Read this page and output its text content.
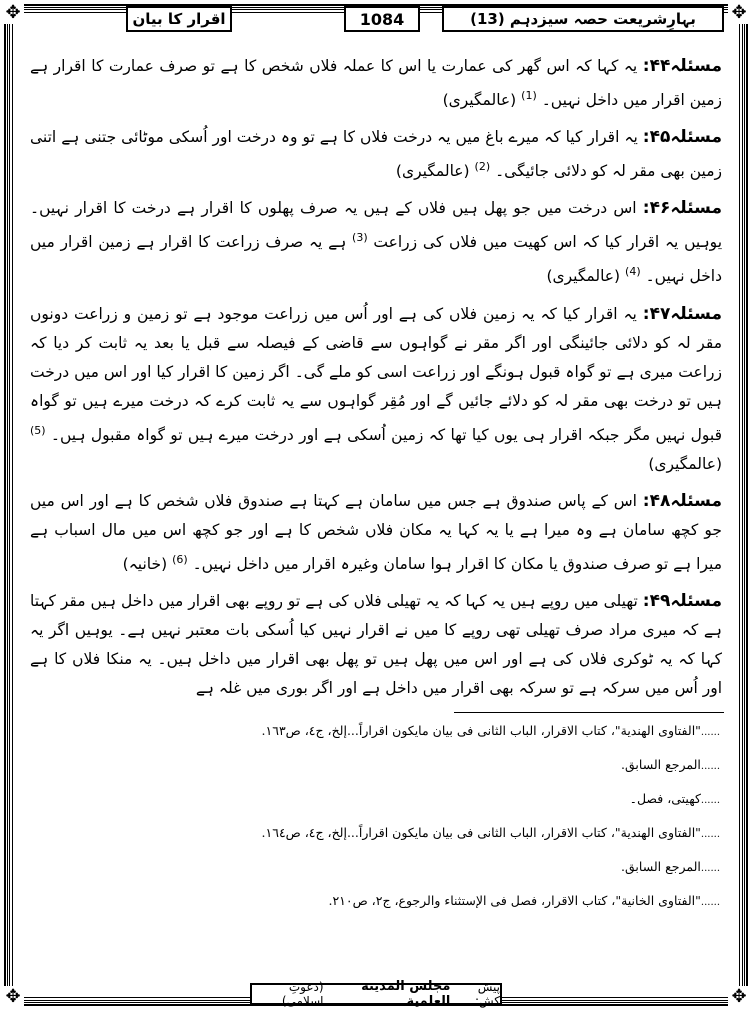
✥	✥
✥	✥
بہارِشریعت حصہ سیزدہم (13)
1084
اقرار کا بیان

مسئلہ۴۴: یہ کہا کہ اس گھر کی عمارت یا اس کا عملہ فلاں شخص کا ہے تو صرف عمارت کا اقرار ہے زمین اقرار میں داخل نہیں۔ $^{(1)}$ (عالمگیری)

مسئلہ۴۵: یہ اقرار کیا کہ میرے باغ میں یہ درخت فلاں کا ہے تو وہ درخت اور اُسکی موٹائی جتنی ہے اتنی زمین بھی مقر لہ کو دلائی جائیگی۔ $^{(2)}$ (عالمگیری)

مسئلہ۴۶: اس درخت میں جو پھل ہیں فلاں کے ہیں یہ صرف پھلوں کا اقرار ہے درخت کا اقرار نہیں۔ یوہیں یہ اقرار کیا کہ اس کھیت میں فلاں کی زراعت $^{(3)}$ ہے یہ صرف زراعت کا اقرار ہے زمین اقرار میں داخل نہیں۔ $^{(4)}$ (عالمگیری)

مسئلہ۴۷: یہ اقرار کیا کہ یہ زمین فلاں کی ہے اور اُس میں زراعت موجود ہے تو زمین و زراعت دونوں مقر لہ کو دلائی جائینگی اور اگر مقر نے گواہوں سے قاضی کے فیصلہ سے قبل یا بعد یہ ثابت کر دیا کہ زراعت میری ہے تو گواہ قبول ہونگے اور زراعت اسی کو ملے گی۔ اگر زمین کا اقرار کیا اور اس میں درخت ہیں تو درخت بھی مقر لہ کو دلائے جائیں گے اور مُقِر گواہوں سے یہ ثابت کرے کہ درخت میرے ہیں تو گواہ قبول نہیں مگر جبکہ اقرار ہی یوں کیا تھا کہ زمین اُسکی ہے اور درخت میرے ہیں تو گواہ مقبول ہیں۔ $^{(5)}$ (عالمگیری)

مسئلہ۴۸: اس کے پاس صندوق ہے جس میں سامان ہے کہتا ہے صندوق فلاں شخص کا ہے اور اس میں جو کچھ سامان ہے وہ میرا ہے یا یہ کہا یہ مکان فلاں شخص کا ہے اور جو کچھ اس میں مال اسباب ہے میرا ہے تو صرف صندوق یا مکان کا اقرار ہوا سامان وغیرہ اقرار میں داخل نہیں۔ $^{(6)}$ (خانیہ)

مسئلہ۴۹: تھیلی میں روپے ہیں یہ کہا کہ یہ تھیلی فلاں کی ہے تو روپے بھی اقرار میں داخل ہیں مقر کہتا ہے کہ میری مراد صرف تھیلی تھی روپے کا میں نے اقرار نہیں کیا اُسکی بات معتبر نہیں ہے۔ یوہیں اگر یہ کہا کہ یہ ٹوکری فلاں کی ہے اور اس میں پھل ہیں تو پھل بھی اقرار میں داخل ہیں۔ یہ منکا فلاں کا ہے اور اُس میں سرکہ ہے تو سرکہ بھی اقرار میں داخل ہے اور اگر بوری میں غلہ ہے

......"الفتاوى الهندية"، كتاب الاقرار، الباب الثانی فی بیان مایکون اقراراً...إلخ، ج٤، ص١٦٣.

......المرجع السابق.

......کھیتی، فصل۔

......"الفتاوى الهندية"، كتاب الاقرار، الباب الثانی فی بیان مایکون اقراراً...إلخ، ج٤، ص١٦٤.

......المرجع السابق.

......"الفتاوى الخانية"، كتاب الاقرار، فصل فی الإستثناء والرجوع، ج٢، ص٢١٠.

پیش کش:
مجلس المدینة العلمیة
(دعوتِ اسلامی)
